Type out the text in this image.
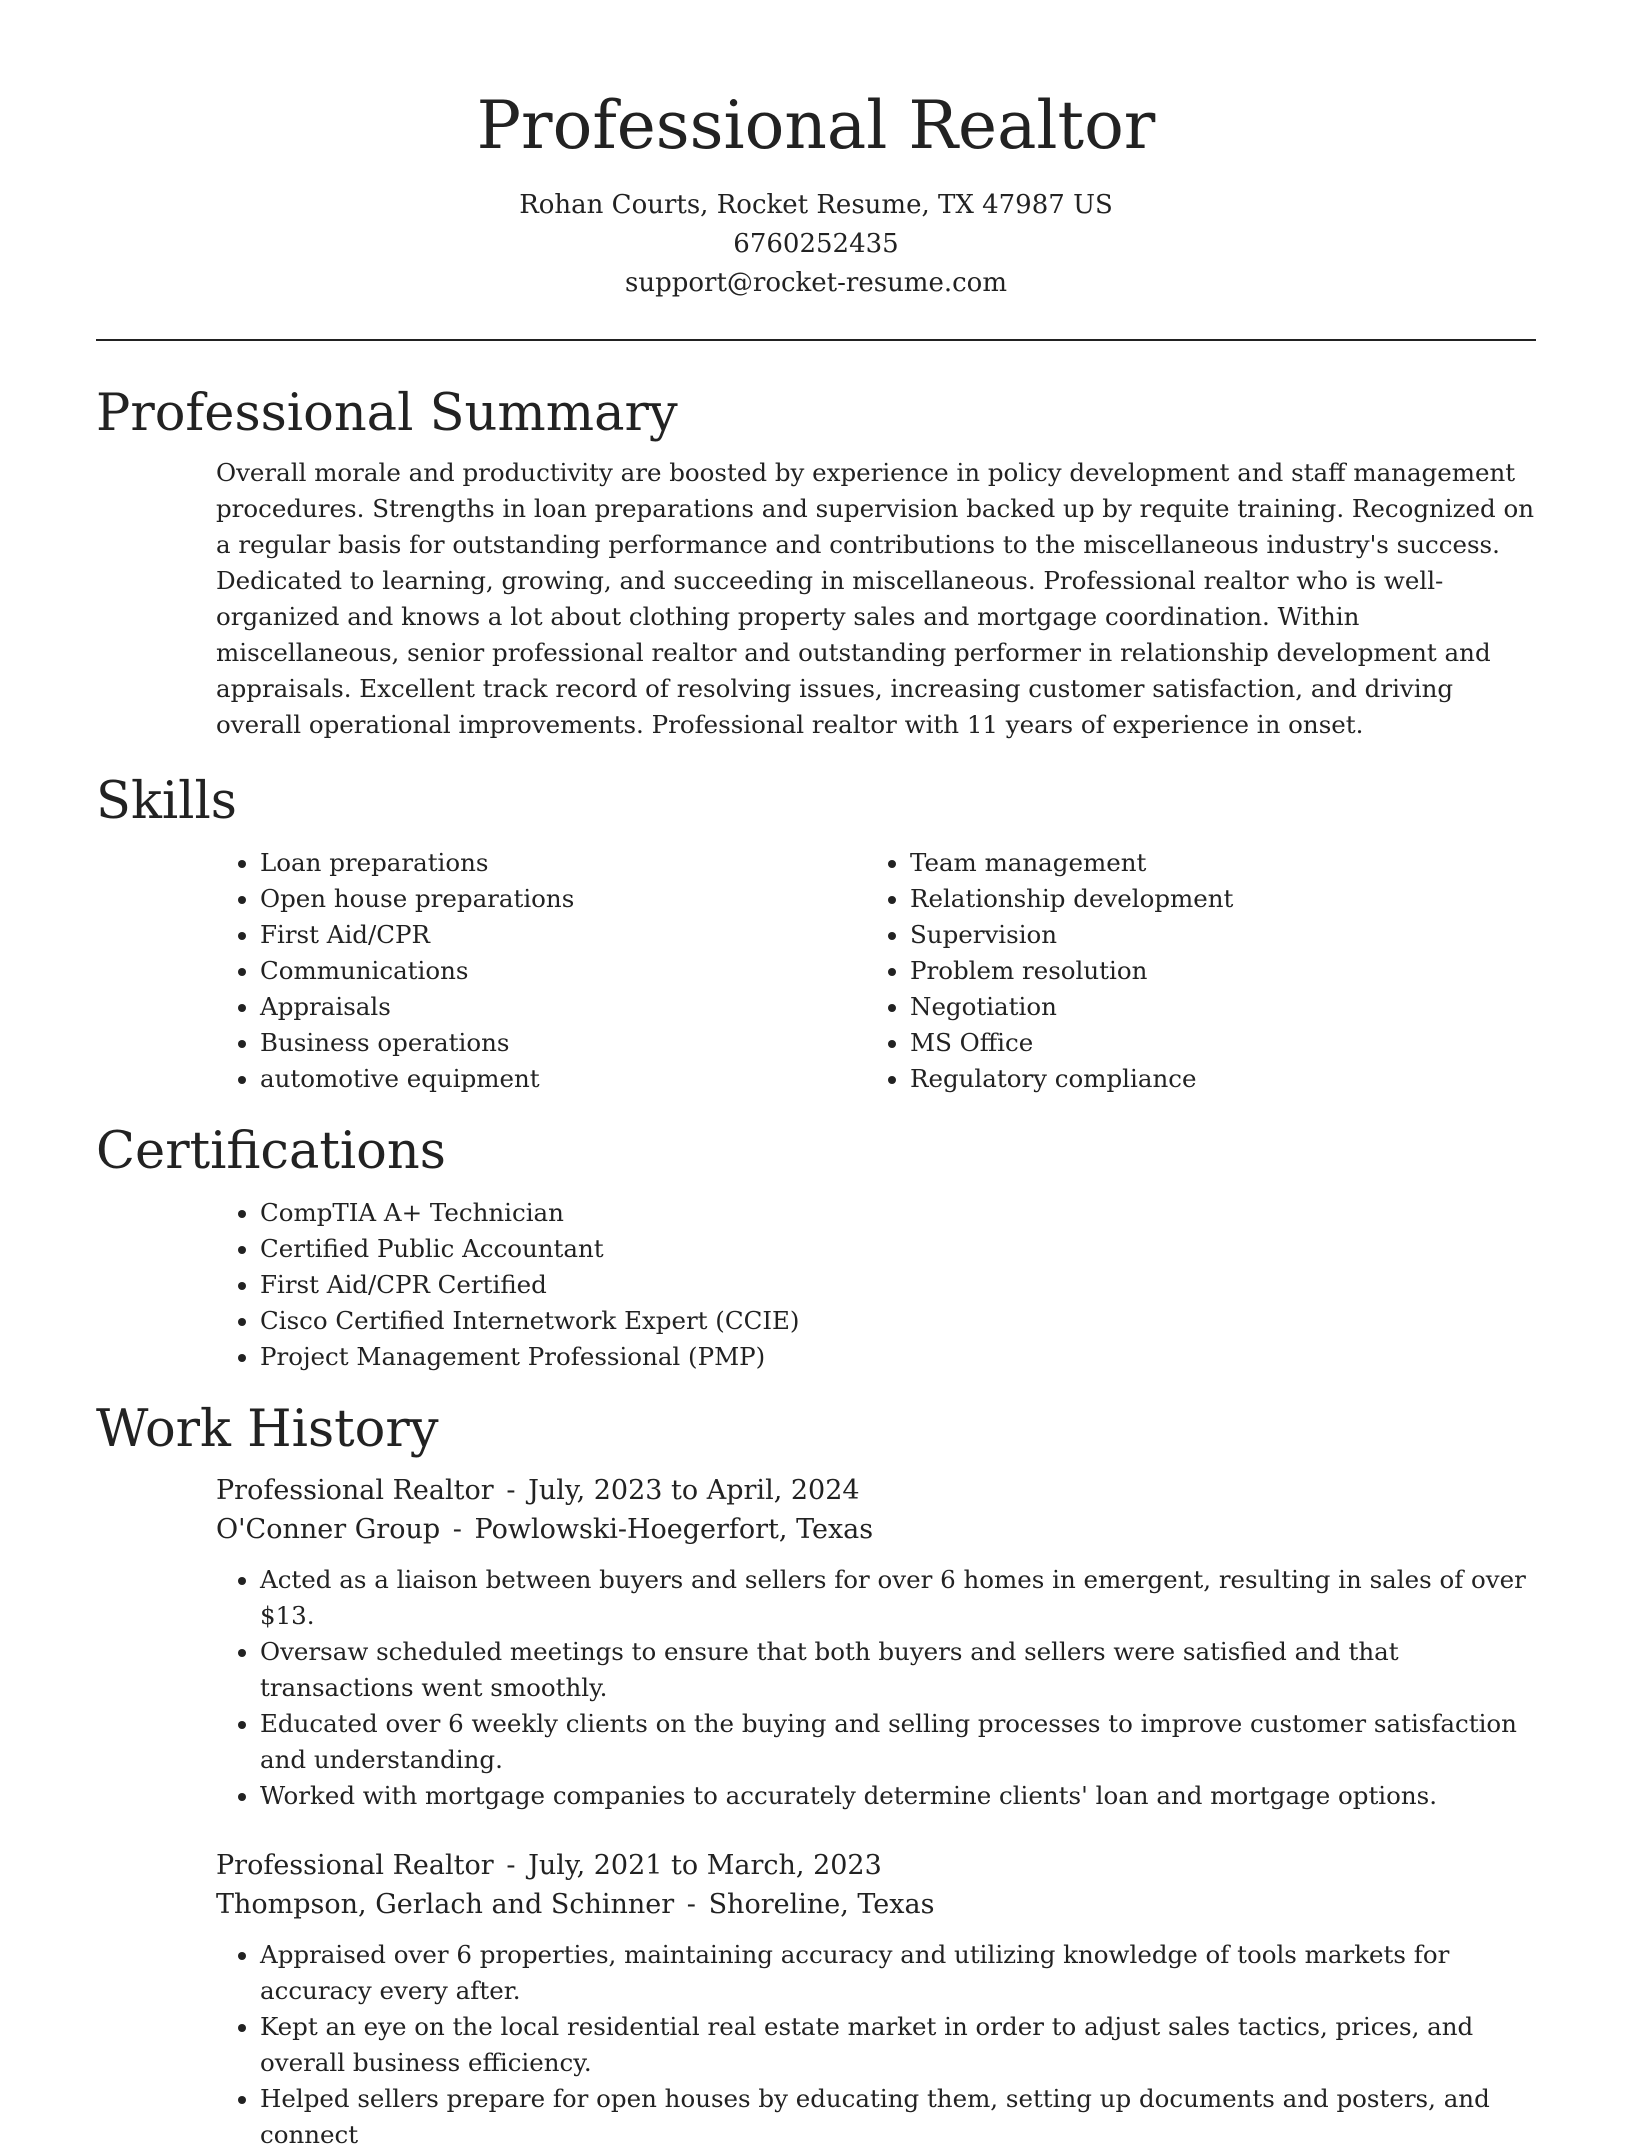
Professional Realtor

Rohan Courts, Rocket Resume, TX 47987 US

6760252435

support@rocket-resume.com

Professional Summary

Overall morale and productivity are boosted by experience in policy development and staff management procedures. Strengths in loan preparations and supervision backed up by requite training. Recognized on a regular basis for outstanding performance and contributions to the miscellaneous industry's success. Dedicated to learning, growing, and succeeding in miscellaneous. Professional realtor who is well-organized and knows a lot about clothing property sales and mortgage coordination. Within miscellaneous, senior professional realtor and outstanding performer in relationship development and appraisals. Excellent track record of resolving issues, increasing customer satisfaction, and driving overall operational improvements. Professional realtor with 11 years of experience in onset.

Skills
• Loan preparations
• Open house preparations
• First Aid/CPR
• Communications
• Appraisals
• Business operations
• automotive equipment
• Team management
• Relationship development
• Supervision
• Problem resolution
• Negotiation
• MS Office
• Regulatory compliance
Certifications
• CompTIA A+ Technician
• Certified Public Accountant
• First Aid/CPR Certified
• Cisco Certified Internetwork Expert (CCIE)
• Project Management Professional (PMP)
Work History

Professional Realtor - July, 2023 to April, 2024

O'Conner Group - Powlowski-Hoegerfort, Texas

• Acted as a liaison between buyers and sellers for over 6 homes in emergent, resulting in sales of over $13.
• Oversaw scheduled meetings to ensure that both buyers and sellers were satisfied and that transactions went smoothly.
• Educated over 6 weekly clients on the buying and selling processes to improve customer satisfaction and understanding.
• Worked with mortgage companies to accurately determine clients' loan and mortgage options.

Professional Realtor - July, 2021 to March, 2023

Thompson, Gerlach and Schinner - Shoreline, Texas

• Appraised over 6 properties, maintaining accuracy and utilizing knowledge of tools markets for accuracy every after.
• Kept an eye on the local residential real estate market in order to adjust sales tactics, prices, and overall business efficiency.
• Helped sellers prepare for open houses by educating them, setting up documents and posters, and connect
